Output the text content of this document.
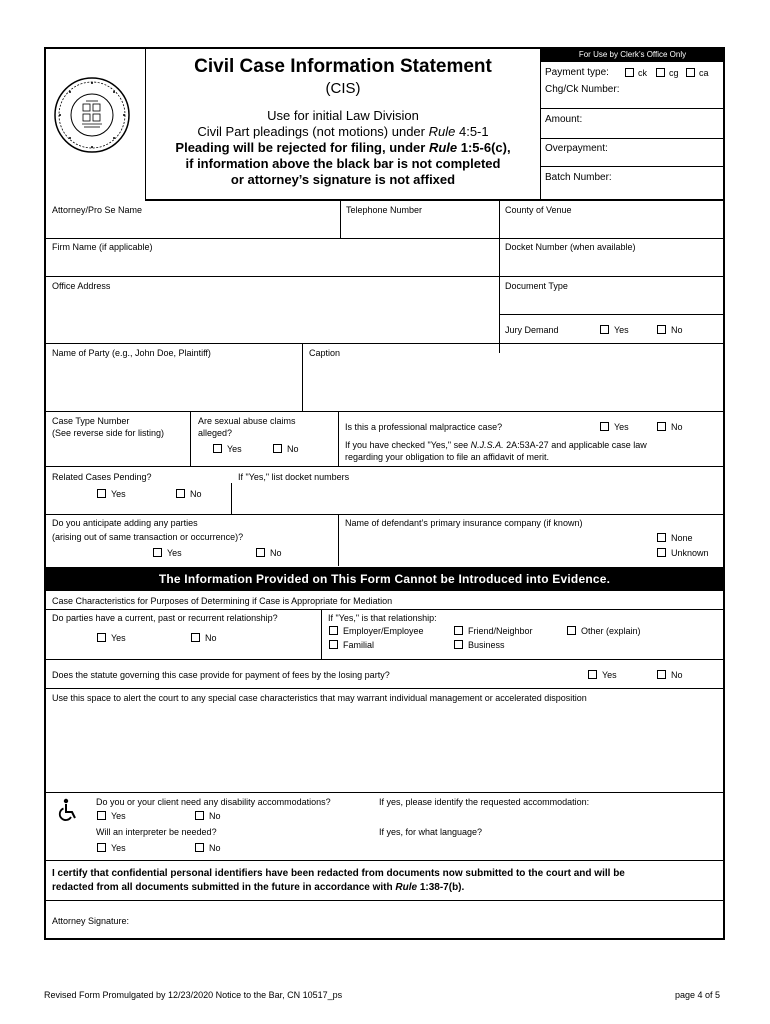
Civil Case Information Statement
(CIS)
Use for initial Law Division
Civil Part pleadings (not motions) under Rule 4:5-1
Pleading will be rejected for filing, under Rule 1:5-6(c),
if information above the black bar is not completed
or attorney’s signature is not affixed
For Use by Clerk’s Office Only
Payment type:	ck cg ca
Chg/Ck Number:
Amount:
Overpayment:
Batch Number:
Attorney/Pro Se Name	Telephone Number	County of Venue
Firm Name (if applicable)	Docket Number (when available)
Office Address	Document Type
Jury Demand	Yes	No
Name of Party (e.g., John Doe, Plaintiff)	Caption
Case Type Number
(See reverse side for listing)
Are sexual abuse claims
alleged?
Yes	No
Is this a professional malpractice case?	Yes	No
If you have checked "Yes," see N.J.S.A. 2A:53A-27 and applicable case law
regarding your obligation to file an affidavit of merit.
Related Cases Pending?
Yes	No
If "Yes," list docket numbers
Do you anticipate adding any parties
(arising out of same transaction or occurrence)?
Yes	No
Name of defendant’s primary insurance company (if known)
None
Unknown
The Information Provided on This Form Cannot be Introduced into Evidence.
Case Characteristics for Purposes of Determining if Case is Appropriate for Mediation
Do parties have a current, past or recurrent relationship?
Yes	No
If "Yes," is that relationship:
Employer/Employee	Friend/Neighbor	Other (explain)
Familial	Business
Does the statute governing this case provide for payment of fees by the losing party?	Yes	No
Use this space to alert the court to any special case characteristics that may warrant individual management or accelerated disposition
Do you or your client need any disability accommodations?
Yes	No
If yes, please identify the requested accommodation:
Will an interpreter be needed?
Yes	No
If yes, for what language?
I certify that confidential personal identifiers have been redacted from documents now submitted to the court and will be
redacted from all documents submitted in the future in accordance with Rule 1:38-7(b).
Attorney Signature:
Revised Form Promulgated by 12/23/2020 Notice to the Bar, CN 10517_ps	page 4 of 5
